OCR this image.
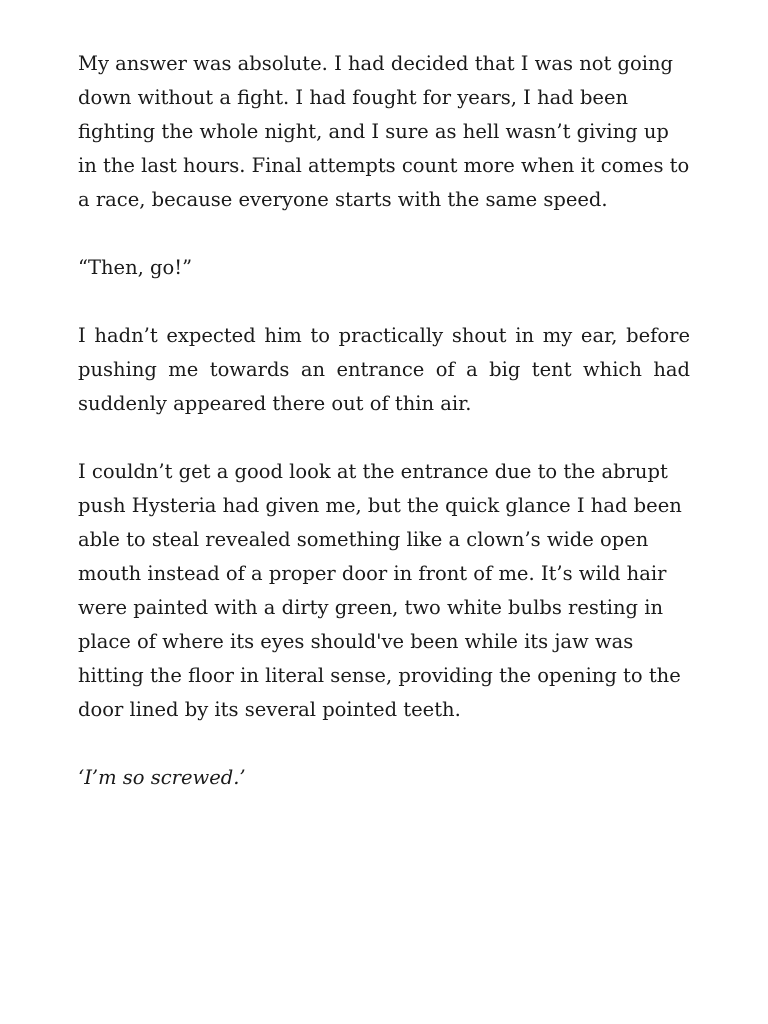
My answer was absolute. I had decided that I was not going down without a fight. I had fought for years, I had been fighting the whole night, and I sure as hell wasn’t giving up in the last hours. Final attempts count more when it comes to a race, because everyone starts with the same speed.

“Then, go!”

I hadn’t expected him to practically shout in my ear, before pushing me towards an entrance of a big tent which had suddenly appeared there out of thin air.

I couldn’t get a good look at the entrance due to the abrupt push Hysteria had given me, but the quick glance I had been able to steal revealed something like a clown’s wide open mouth instead of a proper door in front of me. It’s wild hair were painted with a dirty green, two white bulbs resting in place of where its eyes should've been while its jaw was hitting the floor in literal sense, providing the opening to the door lined by its several pointed teeth.

‘I’m so screwed.’
